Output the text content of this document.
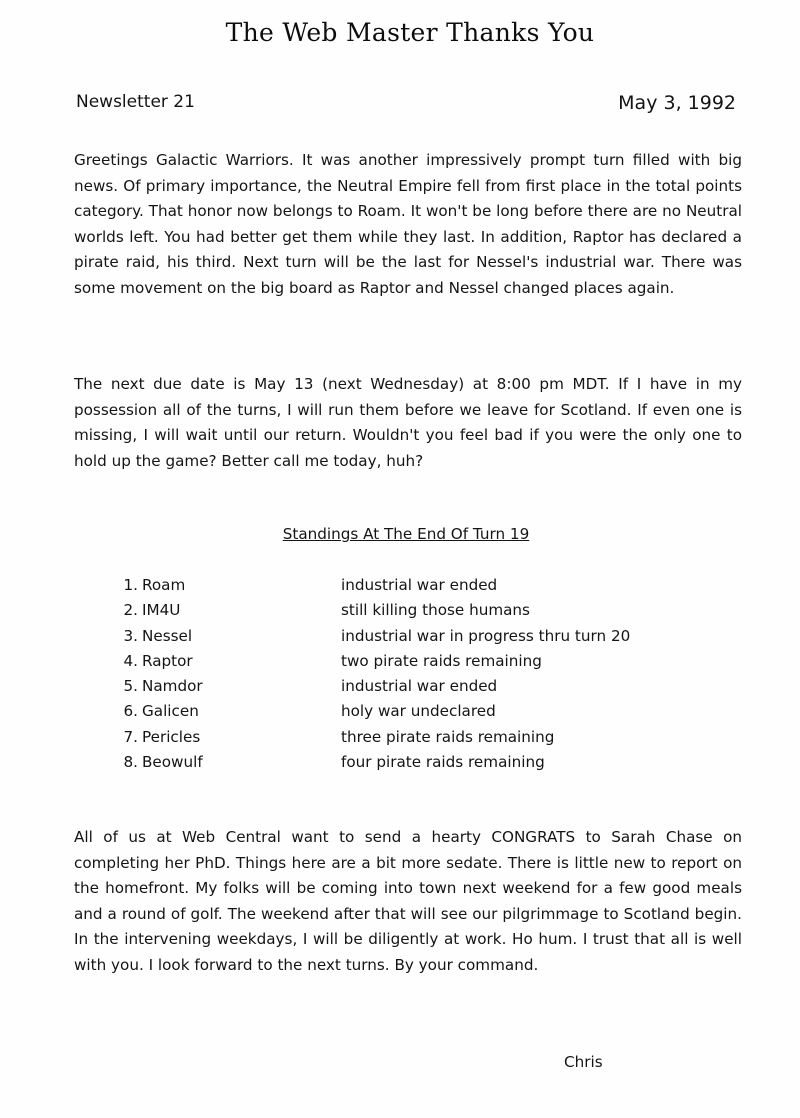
The Web Master Thanks You
Newsletter 21	May 3, 1992

Greetings Galactic Warriors. It was another impressively prompt turn filled with big news. Of primary importance, the Neutral Empire fell from first place in the total points category. That honor now belongs to Roam. It won't be long before there are no Neutral worlds left. You had better get them while they last. In addition, Raptor has declared a pirate raid, his third. Next turn will be the last for Nessel's industrial war. There was some movement on the big board as Raptor and Nessel changed places again.

The next due date is May 13 (next Wednesday) at 8:00 pm MDT. If I have in my possession all of the turns, I will run them before we leave for Scotland. If even one is missing, I will wait until our return. Wouldn't you feel bad if you were the only one to hold up the game? Better call me today, huh?

Standings At The End Of Turn 19
1. Roam	industrial war ended
2. IM4U	still killing those humans
3. Nessel	industrial war in progress thru turn 20
4. Raptor	two pirate raids remaining
5. Namdor	industrial war ended
6. Galicen	holy war undeclared
7. Pericles	three pirate raids remaining
8. Beowulf	four pirate raids remaining

All of us at Web Central want to send a hearty CONGRATS to Sarah Chase on completing her PhD. Things here are a bit more sedate. There is little new to report on the homefront. My folks will be coming into town next weekend for a few good meals and a round of golf. The weekend after that will see our pilgrimmage to Scotland begin. In the intervening weekdays, I will be diligently at work. Ho hum. I trust that all is well with you. I look forward to the next turns. By your command.

Chris
